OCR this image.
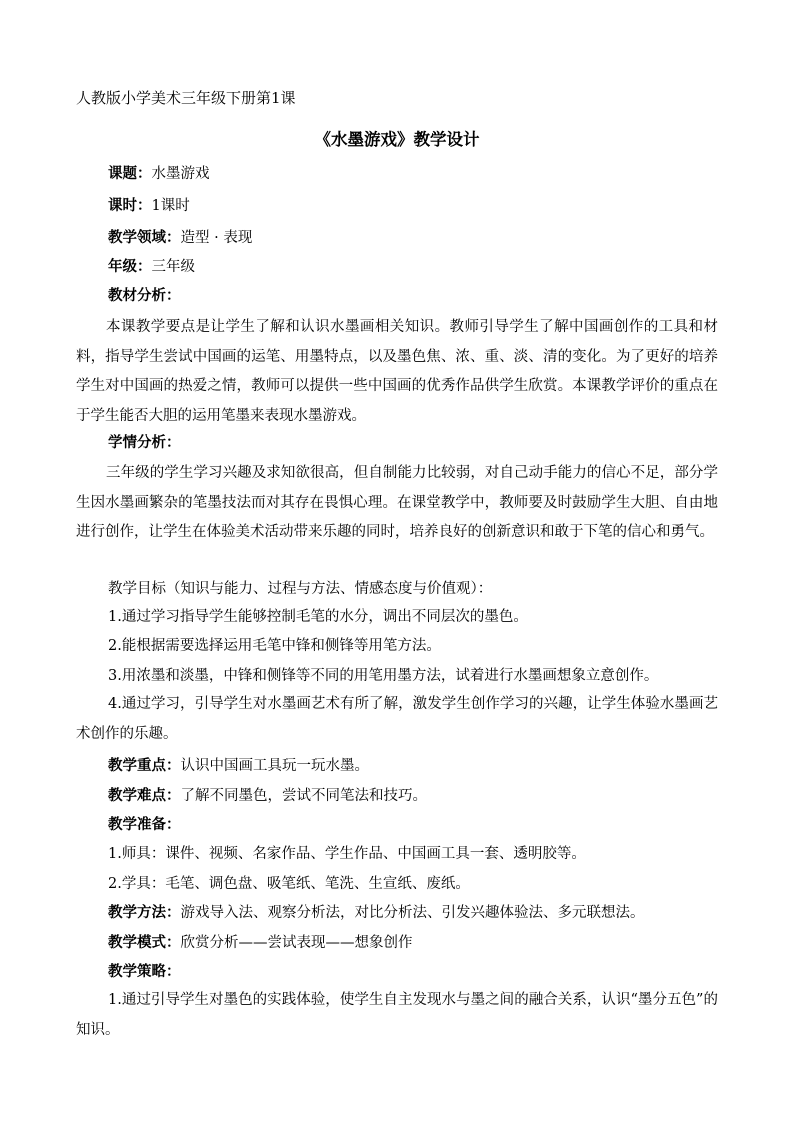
人教版小学美术三年级下册第1课
《水墨游戏》教学设计
课题：水墨游戏
课时：1课时
教学领域：造型 · 表现
年级：三年级
教材分析：
本课教学要点是让学生了解和认识水墨画相关知识。教师引导学生了解中国画创作的工具和材料，指导学生尝试中国画的运笔、用墨特点，以及墨色焦、浓、重、淡、清的变化。为了更好的培养学生对中国画的热爱之情，教师可以提供一些中国画的优秀作品供学生欣赏。本课教学评价的重点在于学生能否大胆的运用笔墨来表现水墨游戏。
学情分析：
三年级的学生学习兴趣及求知欲很高，但自制能力比较弱，对自己动手能力的信心不足，部分学生因水墨画繁杂的笔墨技法而对其存在畏惧心理。在课堂教学中，教师要及时鼓励学生大胆、自由地进行创作，让学生在体验美术活动带来乐趣的同时，培养良好的创新意识和敢于下笔的信心和勇气。
教学目标（知识与能力、过程与方法、情感态度与价值观）：
1.通过学习指导学生能够控制毛笔的水分，调出不同层次的墨色。
2.能根据需要选择运用毛笔中锋和侧锋等用笔方法。
3.用浓墨和淡墨，中锋和侧锋等不同的用笔用墨方法，试着进行水墨画想象立意创作。
4.通过学习，引导学生对水墨画艺术有所了解，激发学生创作学习的兴趣，让学生体验水墨画艺术创作的乐趣。
教学重点：认识中国画工具玩一玩水墨。
教学难点：了解不同墨色，尝试不同笔法和技巧。
教学准备：
1.师具：课件、视频、名家作品、学生作品、中国画工具一套、透明胶等。
2.学具：毛笔、调色盘、吸笔纸、笔洗、生宣纸、废纸。
教学方法：游戏导入法、观察分析法，对比分析法、引发兴趣体验法、多元联想法。
教学模式：欣赏分析——尝试表现——想象创作
教学策略：
1.通过引导学生对墨色的实践体验，使学生自主发现水与墨之间的融合关系，认识“墨分五色”的知识。
